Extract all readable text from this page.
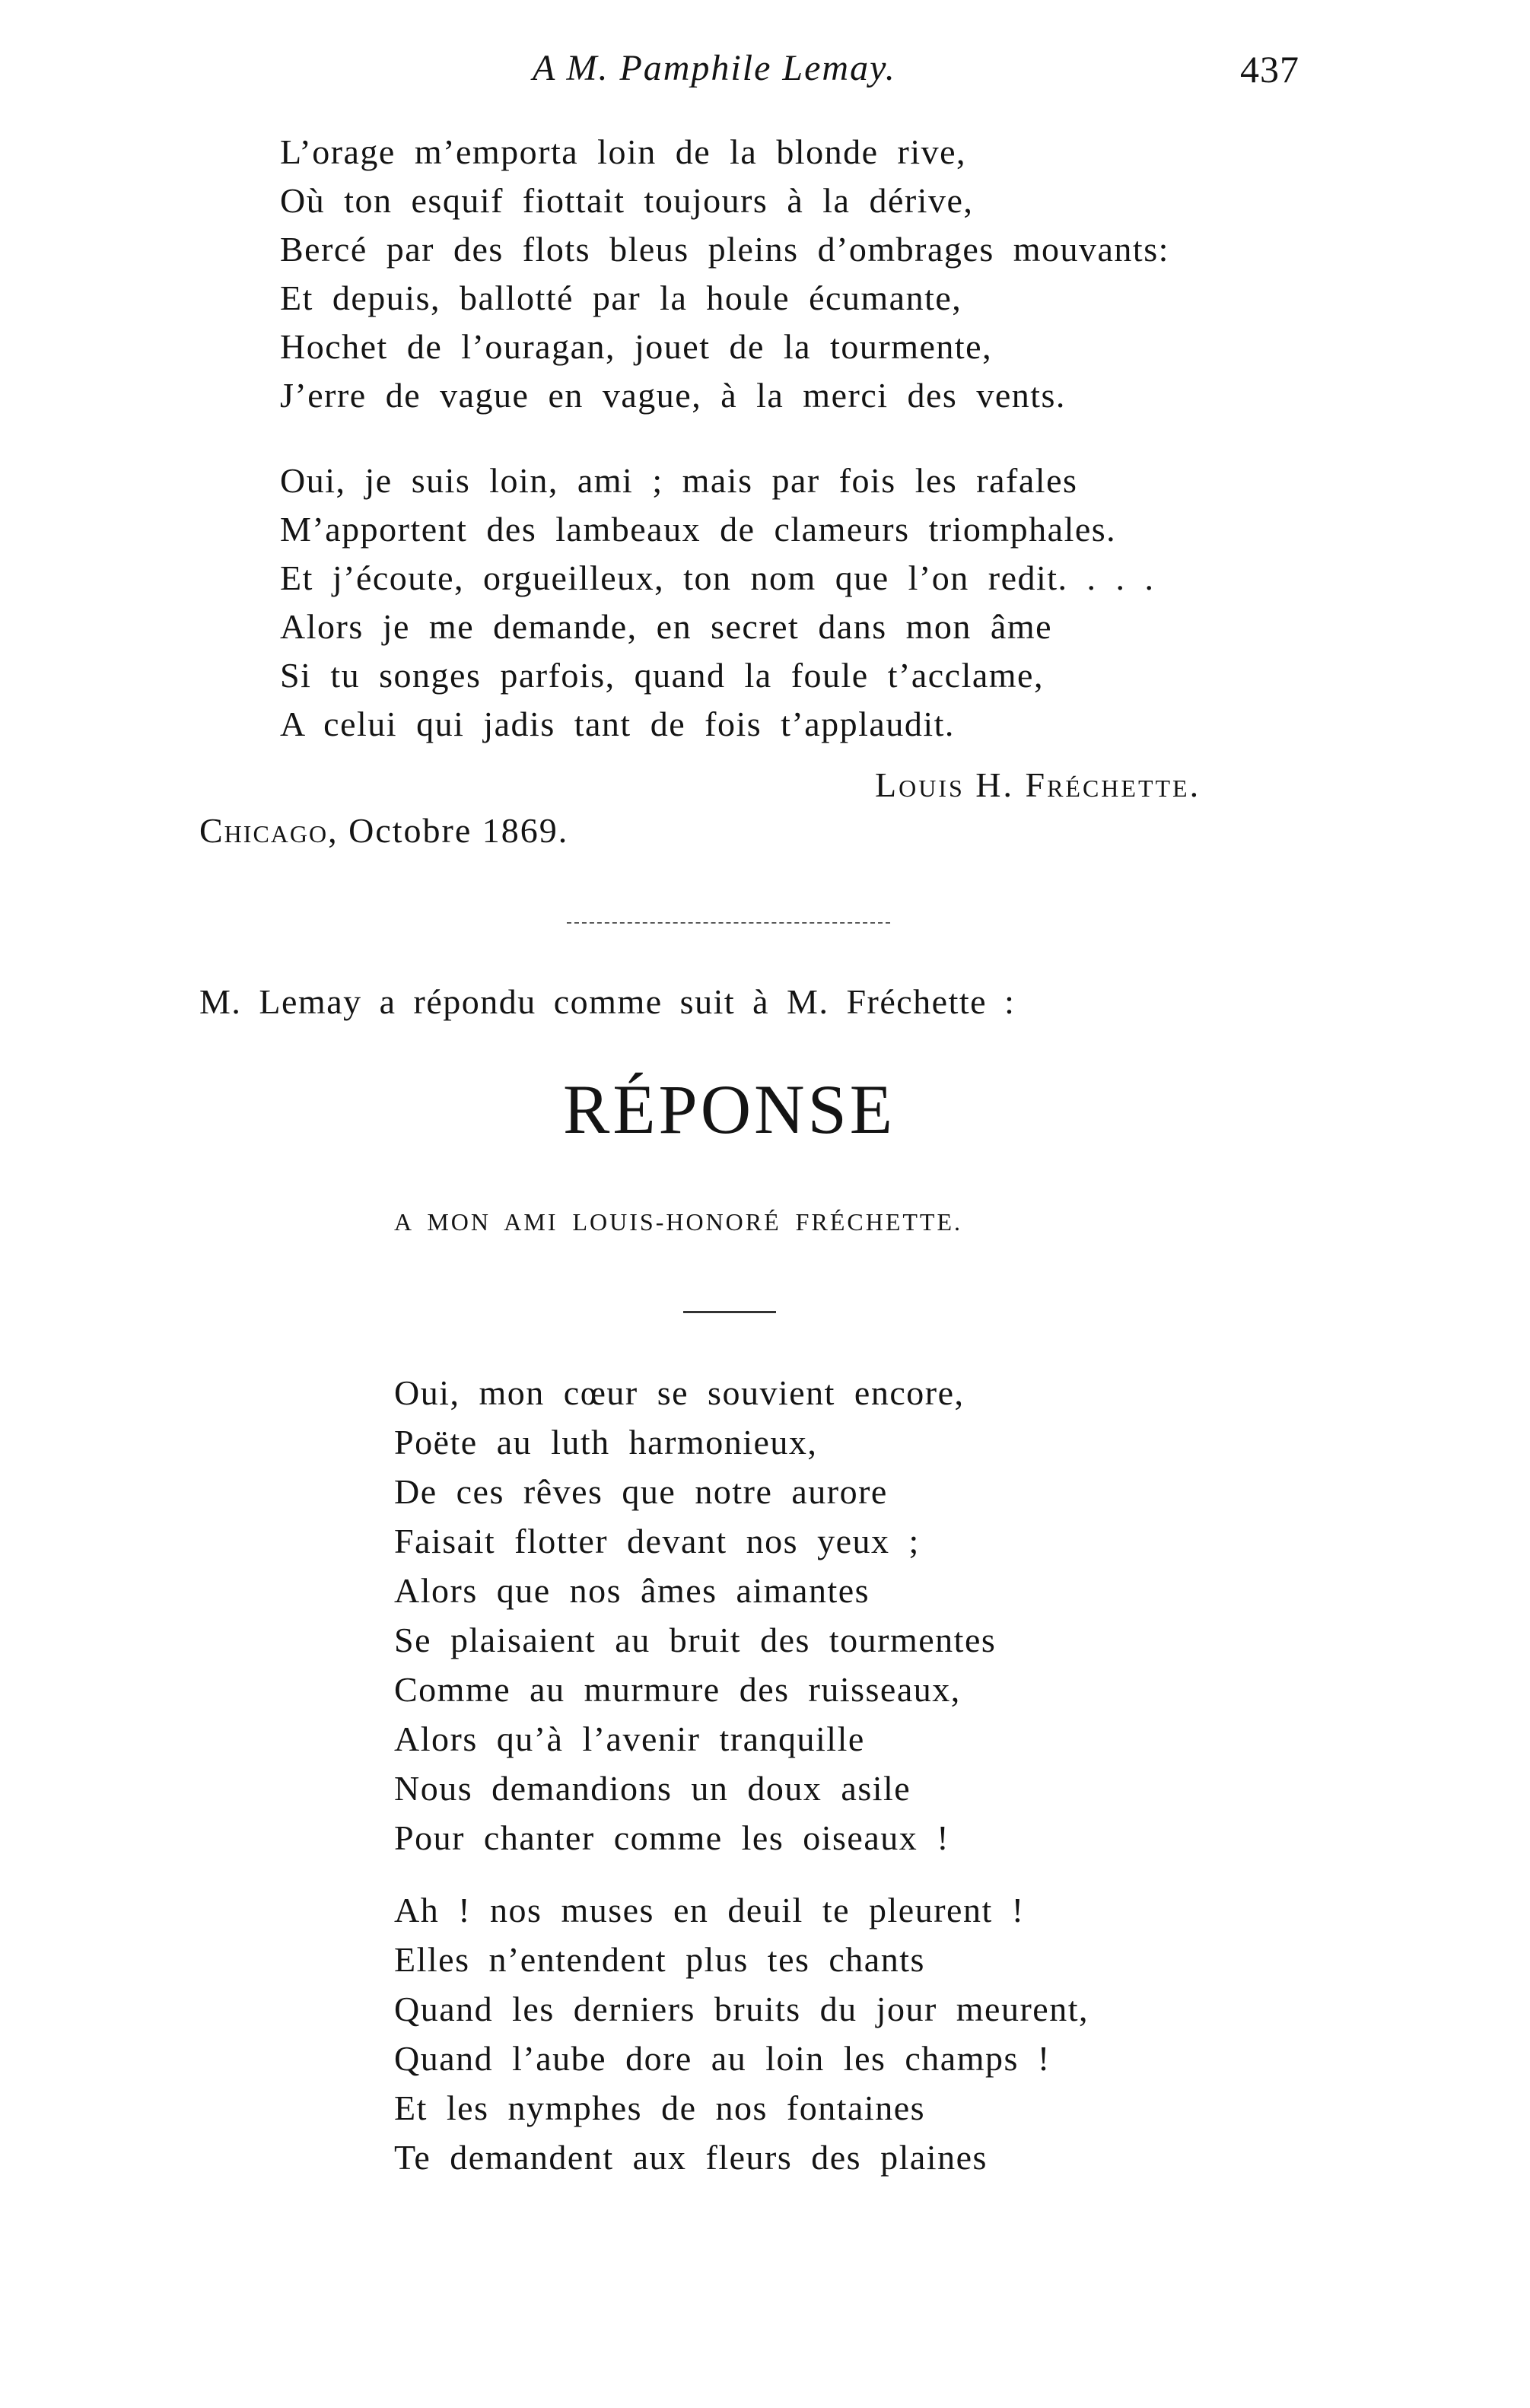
A M. Pamphile Lemay.	437
L’orage m’emporta loin de la blonde rive,
Où ton esquif fiottait toujours à la dérive,
Bercé par des flots bleus pleins d’ombrages mouvants:
Et depuis, ballotté par la houle écumante,
Hochet de l’ouragan, jouet de la tourmente,
J’erre de vague en vague, à la merci des vents.
Oui, je suis loin, ami ; mais par fois les rafales
M’apportent des lambeaux de clameurs triomphales.
Et j’écoute, orgueilleux, ton nom que l’on redit. . . .
Alors je me demande, en secret dans mon âme
Si tu songes parfois, quand la foule t’acclame,
A celui qui jadis tant de fois t’applaudit.
Louis H. Fréchette.
Chicago, Octobre 1869.
M. Lemay a répondu comme suit à M. Fréchette :
RÉPONSE
A MON AMI LOUIS-HONORÉ FRÉCHETTE.
Oui, mon cœur se souvient encore,
Poëte au luth harmonieux,
De ces rêves que notre aurore
Faisait flotter devant nos yeux ;
Alors que nos âmes aimantes
Se plaisaient au bruit des tourmentes
Comme au murmure des ruisseaux,
Alors qu’à l’avenir tranquille
Nous demandions un doux asile
Pour chanter comme les oiseaux !
Ah ! nos muses en deuil te pleurent !
Elles n’entendent plus tes chants
Quand les derniers bruits du jour meurent,
Quand l’aube dore au loin les champs !
Et les nymphes de nos fontaines
Te demandent aux fleurs des plaines
